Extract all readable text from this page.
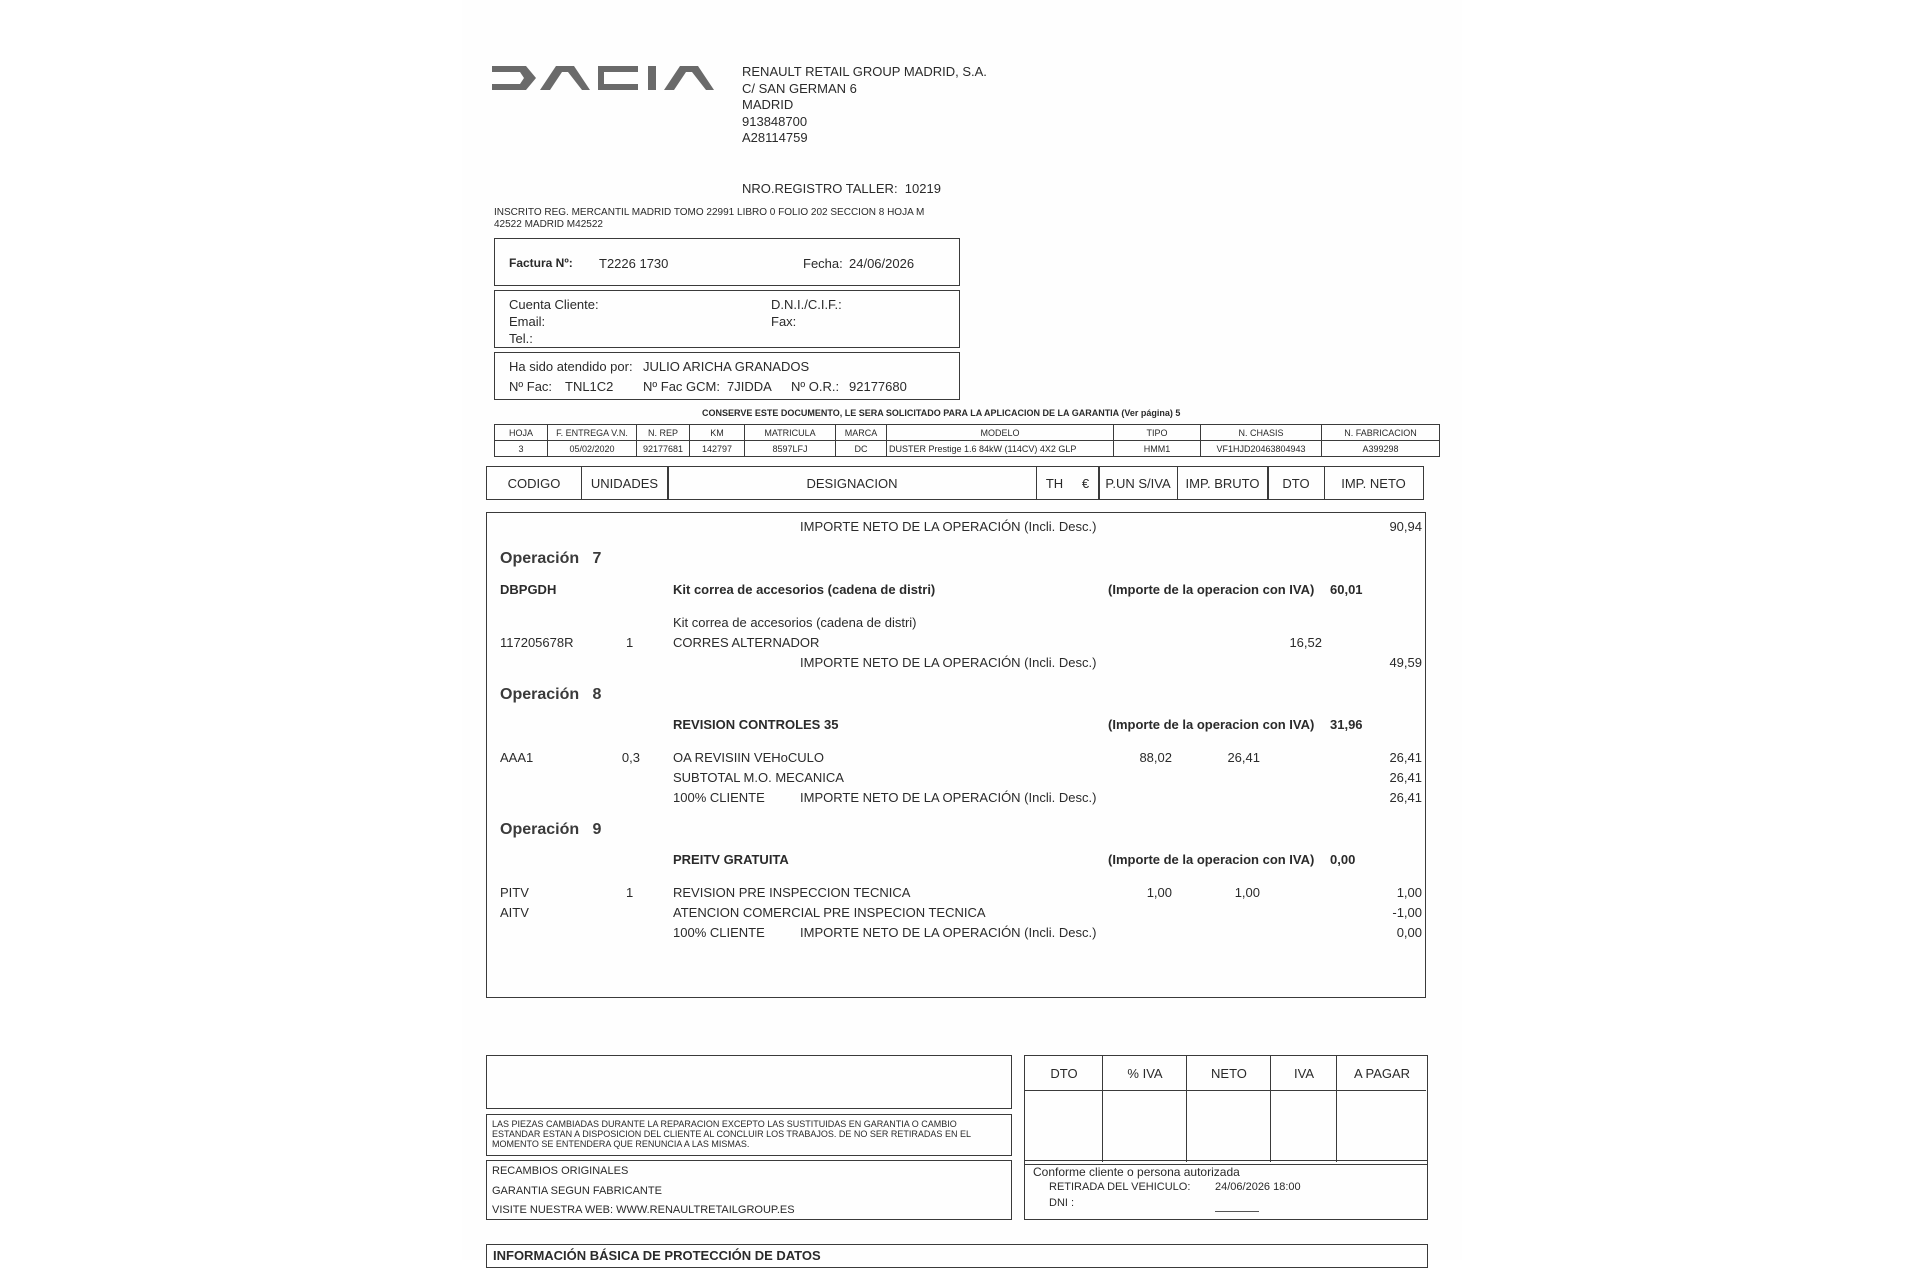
RENAULT RETAIL GROUP MADRID, S.A.
C/ SAN GERMAN 6
MADRID
913848700
A28114759
NRO.REGISTRO TALLER: 10219
INSCRITO REG. MERCANTIL MADRID TOMO 22991 LIBRO 0 FOLIO 202 SECCION 8 HOJA M
42522 MADRID M42522
Factura Nº: T2226 1730	Fecha: 24/06/2026
Cuenta Cliente:	D.N.I./C.I.F.:
Email:	Fax:
Tel.:
Ha sido atendido por: JULIO ARICHA GRANADOS
Nº Fac: TNL1C2 Nº Fac GCM: 7JIDDA Nº O.R.: 92177680
CONSERVE ESTE DOCUMENTO, LE SERA SOLICITADO PARA LA APLICACION DE LA GARANTIA (Ver página) 5
HOJA	F. ENTREGA V.N.	N. REP	KM	MATRICULA	MARCA	MODELO	TIPO	N. CHASIS	N. FABRICACION
3	05/02/2020	92177681	142797	8597LFJ	DC	DUSTER Prestige 1.6 84kW (114CV) 4X2 GLP	HMM1	VF1HJD20463804943	A399298
CODIGO	UNIDADES	DESIGNACION	TH €	P.UN S/IVA	IMP. BRUTO	DTO	IMP. NETO
IMPORTE NETO DE LA OPERACIÓN (Incli. Desc.)	90,94
Operación 7
DBPGDH	Kit correa de accesorios (cadena de distri)	(Importe de la operacion con IVA) 60,01
Kit correa de accesorios (cadena de distri)
117205678R	1	CORRES ALTERNADOR	16,52
IMPORTE NETO DE LA OPERACIÓN (Incli. Desc.)	49,59
Operación 8
REVISION CONTROLES 35	(Importe de la operacion con IVA) 31,96
AAA1	0,3	OA REVISIIN VEHoCULO	88,02	26,41	26,41
SUBTOTAL M.O. MECANICA	26,41
100% CLIENTE	IMPORTE NETO DE LA OPERACIÓN (Incli. Desc.)	26,41
Operación 9
PREITV GRATUITA	(Importe de la operacion con IVA) 0,00
PITV	1	REVISION PRE INSPECCION TECNICA	1,00	1,00	1,00
AITV	ATENCION COMERCIAL PRE INSPECION TECNICA	-1,00
100% CLIENTE	IMPORTE NETO DE LA OPERACIÓN (Incli. Desc.)	0,00
LAS PIEZAS CAMBIADAS DURANTE LA REPARACION EXCEPTO LAS SUSTITUIDAS EN GARANTIA O CAMBIO ESTANDAR ESTAN A DISPOSICION DEL CLIENTE AL CONCLUIR LOS TRABAJOS. DE NO SER RETIRADAS EN EL MOMENTO SE ENTENDERA QUE RENUNCIA A LAS MISMAS.
RECAMBIOS ORIGINALES
GARANTIA SEGUN FABRICANTE
VISITE NUESTRA WEB: WWW.RENAULTRETAILGROUP.ES
DTO	% IVA	NETO	IVA	A PAGAR
Conforme cliente o persona autorizada
RETIRADA DEL VEHICULO: 24/06/2026 18:00
DNI :
INFORMACIÓN BÁSICA DE PROTECCIÓN DE DATOS
